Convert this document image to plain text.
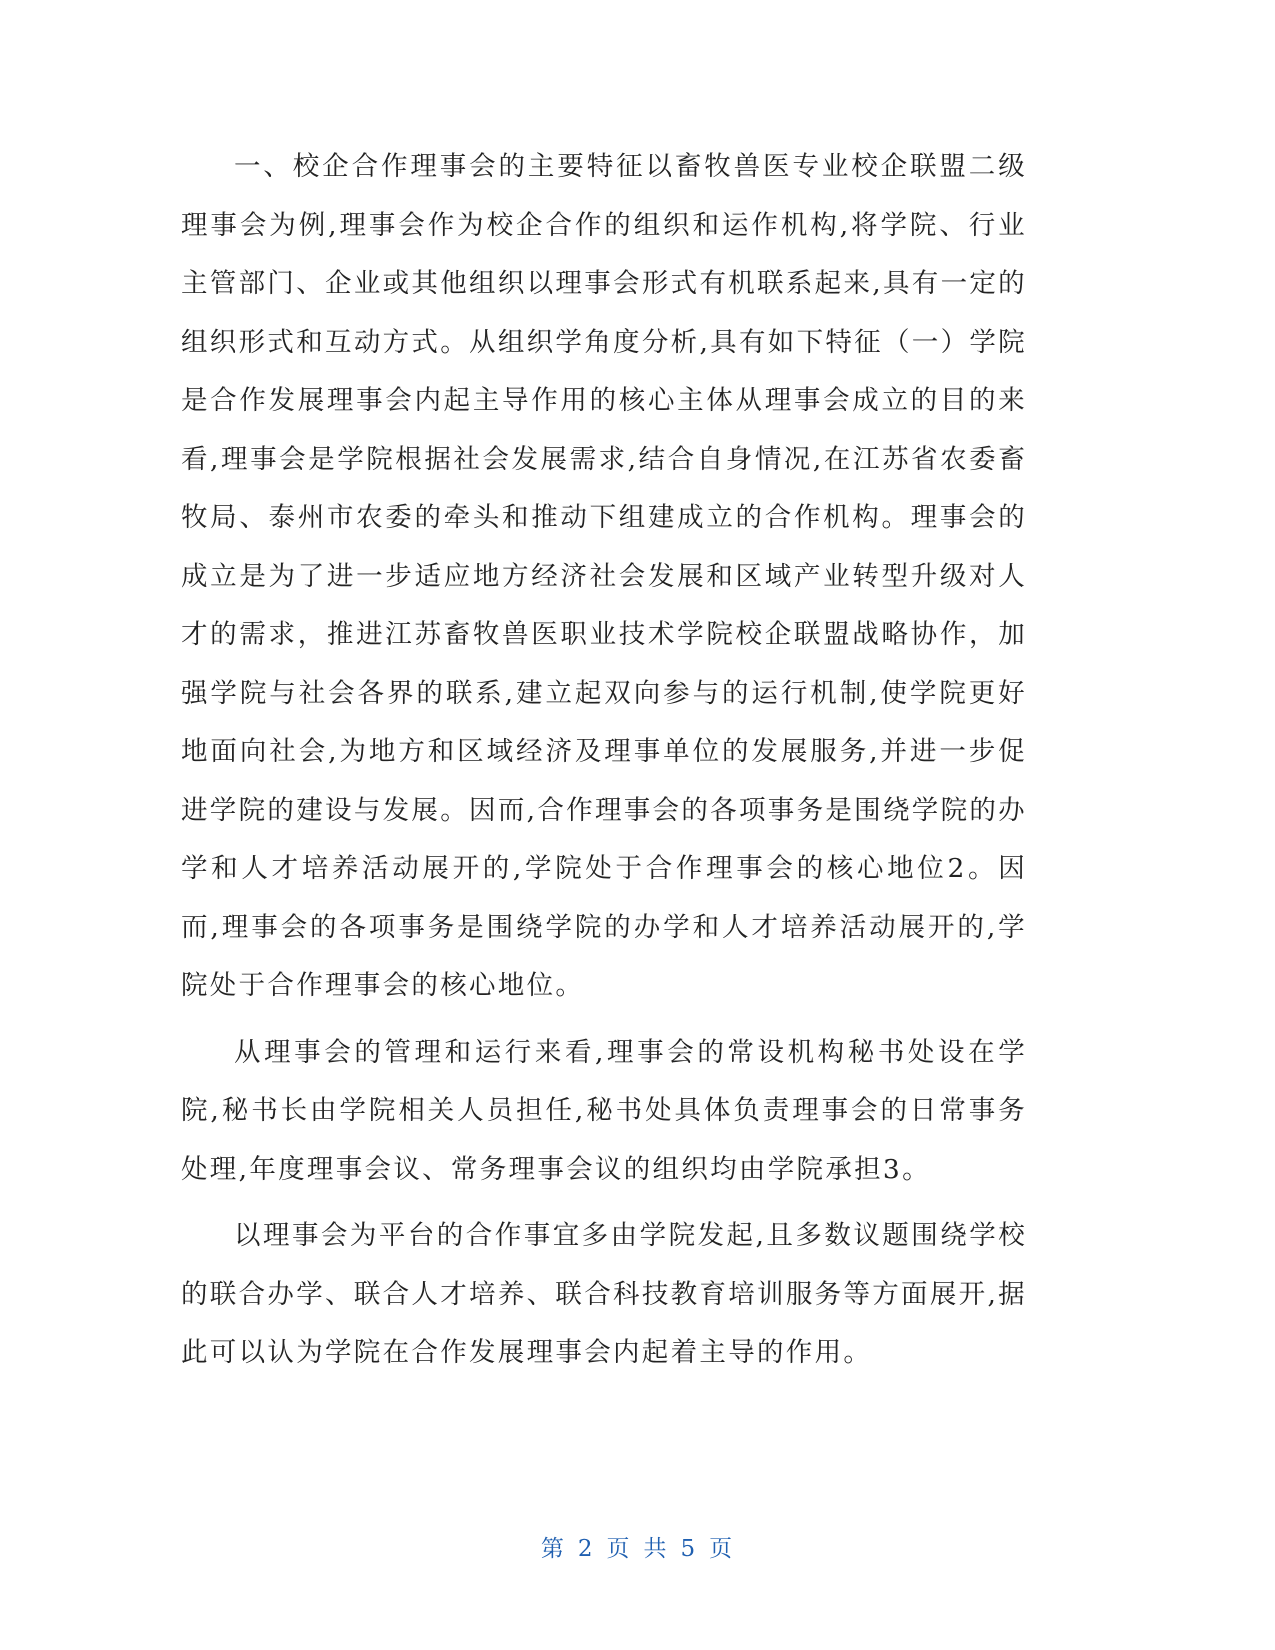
一、校企合作理事会的主要特征以畜牧兽医专业校企联盟二级理事会为例,理事会作为校企合作的组织和运作机构,将学院、行业主管部门、企业或其他组织以理事会形式有机联系起来,具有一定的组织形式和互动方式。从组织学角度分析,具有如下特征（一）学院是合作发展理事会内起主导作用的核心主体从理事会成立的目的来看,理事会是学院根据社会发展需求,结合自身情况,在江苏省农委畜牧局、泰州市农委的牵头和推动下组建成立的合作机构。理事会的成立是为了进一步适应地方经济社会发展和区域产业转型升级对人才的需求，推进江苏畜牧兽医职业技术学院校企联盟战略协作，加强学院与社会各界的联系,建立起双向参与的运行机制,使学院更好地面向社会,为地方和区域经济及理事单位的发展服务,并进一步促进学院的建设与发展。因而,合作理事会的各项事务是围绕学院的办学和人才培养活动展开的,学院处于合作理事会的核心地位2。因而,理事会的各项事务是围绕学院的办学和人才培养活动展开的,学院处于合作理事会的核心地位。

从理事会的管理和运行来看,理事会的常设机构秘书处设在学院,秘书长由学院相关人员担任,秘书处具体负责理事会的日常事务处理,年度理事会议、常务理事会议的组织均由学院承担3。

以理事会为平台的合作事宜多由学院发起,且多数议题围绕学校的联合办学、联合人才培养、联合科技教育培训服务等方面展开,据此可以认为学院在合作发展理事会内起着主导的作用。

第 2 页 共 5 页
